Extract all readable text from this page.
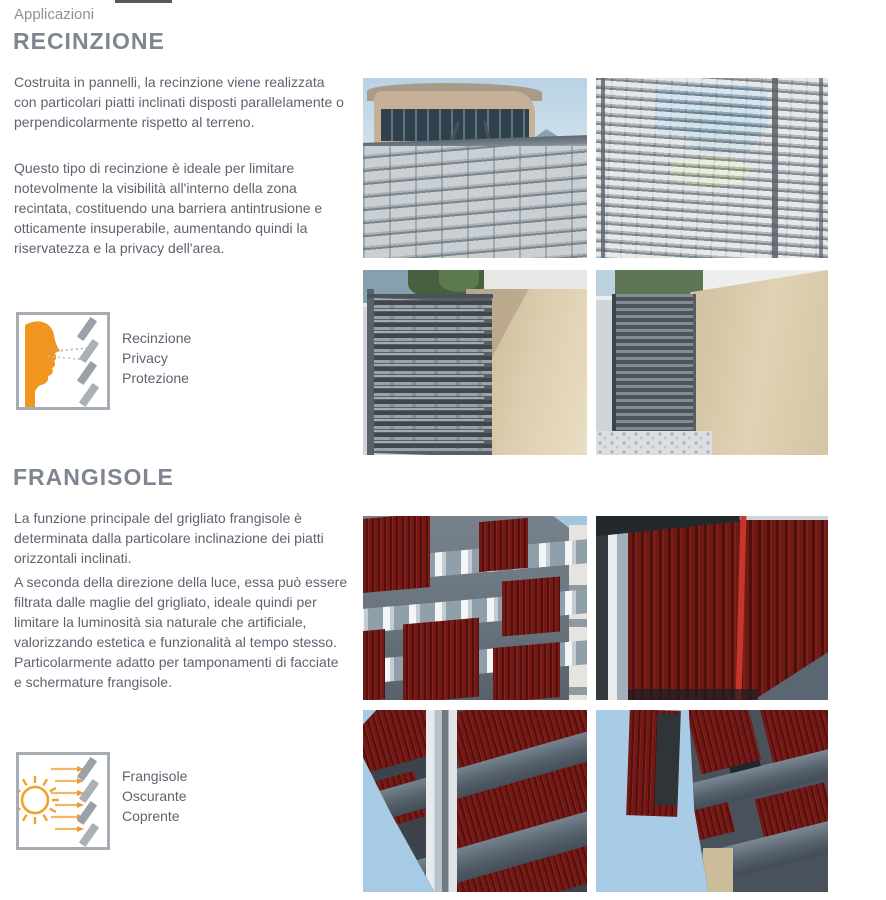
Applicazioni
RECINZIONE

Costruita in pannelli, la recinzione viene realizzata con particolari piatti inclinati disposti parallelamente o perpendicolarmente rispetto al terreno.

Questo tipo di recinzione è ideale per limitare notevolmente la visibilità all'interno della zona recintata, costituendo una barriera antintrusione e otticamente insuperabile, aumentando quindi la riservatezza e la privacy dell'area.

Recinzione
Privacy
Protezione
FRANGISOLE

La funzione principale del grigliato frangisole è determinata dalla particolare inclinazione dei piatti orizzontali inclinati.

A seconda della direzione della luce, essa può essere filtrata dalle maglie del grigliato, ideale quindi per limitare la luminosità sia naturale che artificiale, valorizzando estetica e funzionalità al tempo stesso. Particolarmente adatto per tamponamenti di facciate e schermature frangisole.

Frangisole
Oscurante
Coprente
